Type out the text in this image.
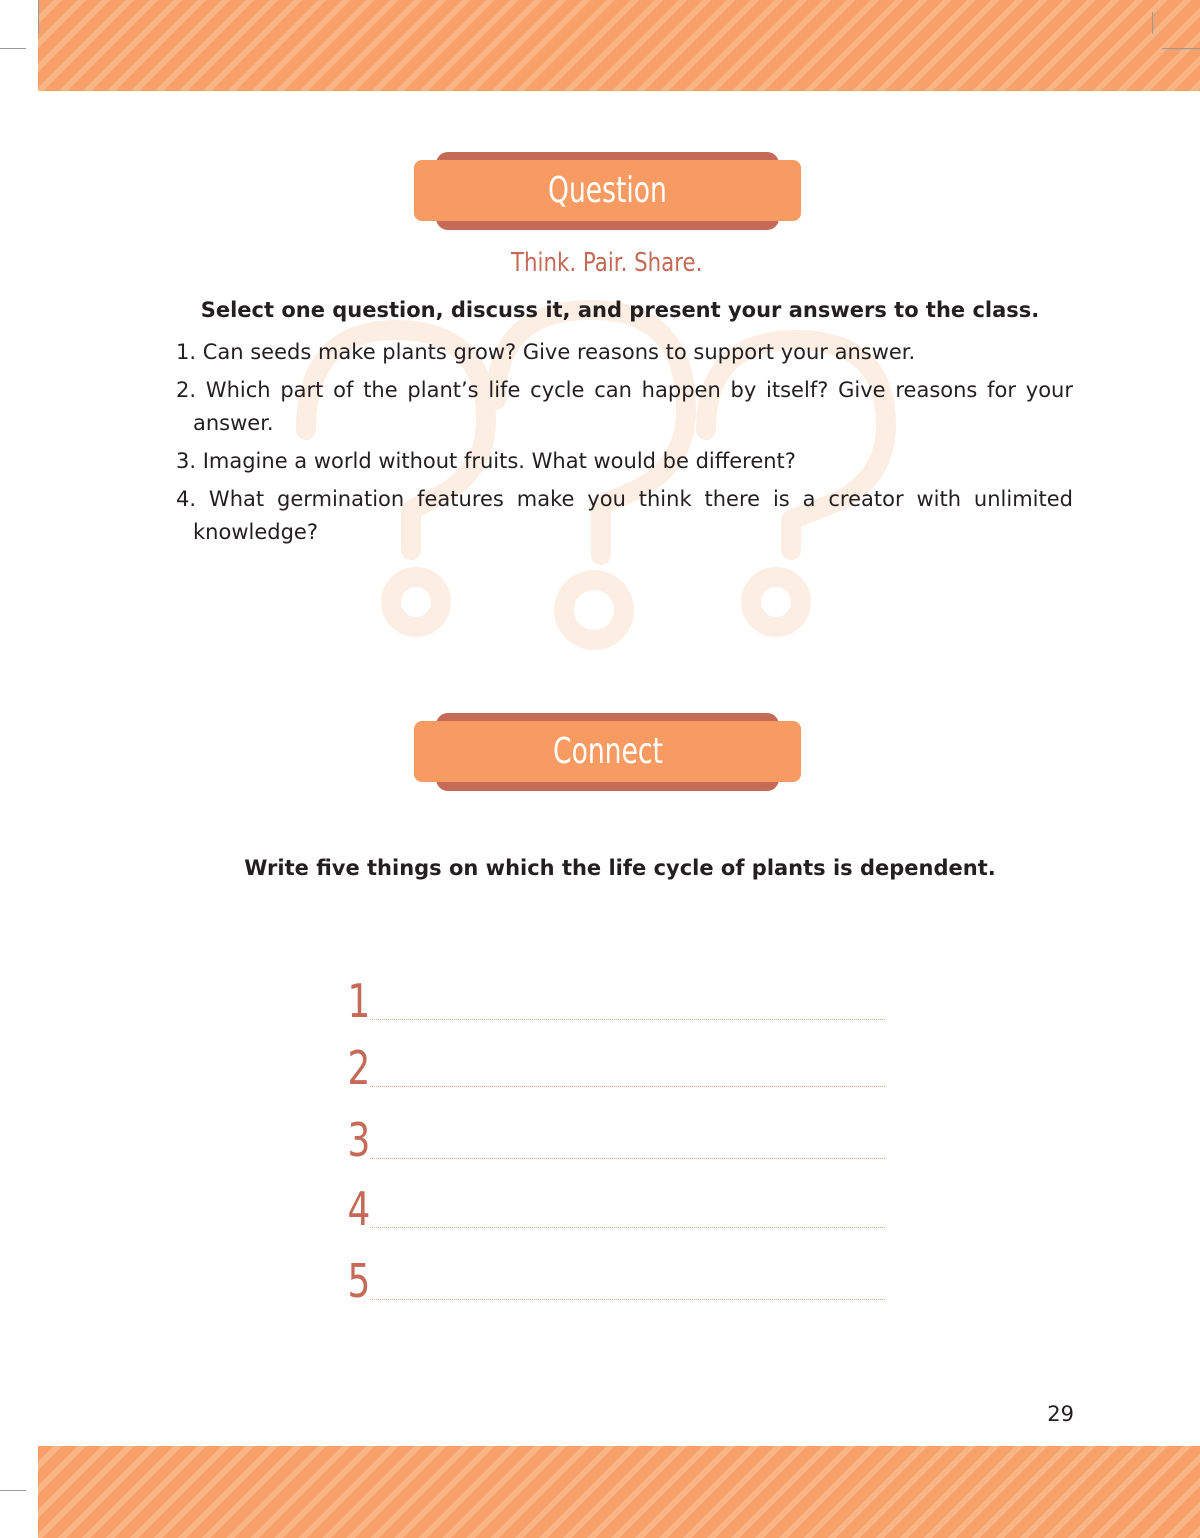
Question
Think. Pair. Share.
Select one question, discuss it, and present your answers to the class.
1. Can seeds make plants grow? Give reasons to support your answer.
2. Which part of the plant’s life cycle can happen by itself? Give reasons for your
answer.
3. Imagine a world without fruits. What would be different?
4. What germination features make you think there is a creator with unlimited
knowledge?
Connect
Write five things on which the life cycle of plants is dependent.
1
2
3
4
5
29
